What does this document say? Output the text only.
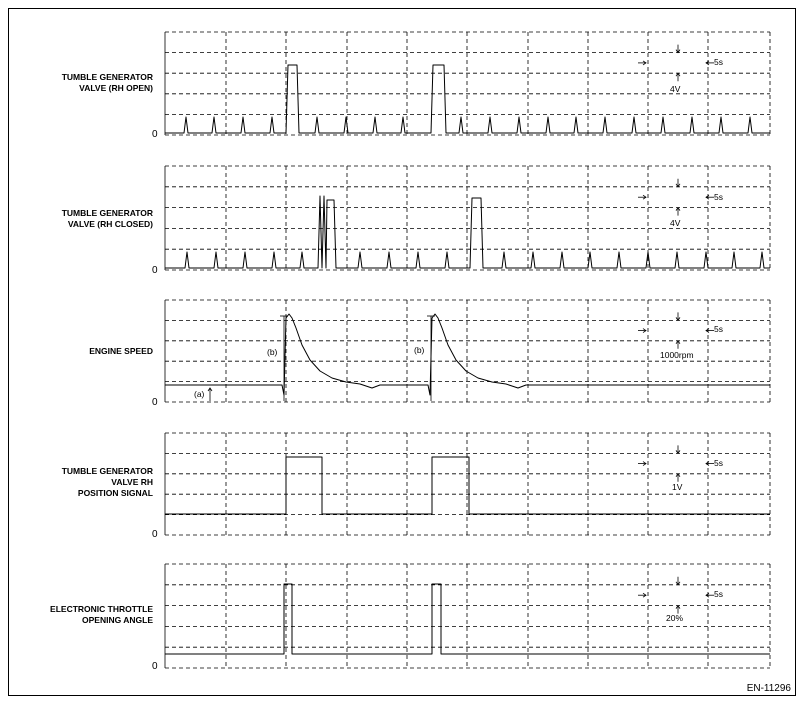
TUMBLE GENERATOR
VALVE (RH OPEN)
0
5s
4V
TUMBLE GENERATOR
VALVE (RH CLOSED)
0
5s
4V
ENGINE SPEED
0
5s
1000rpm
(a)
(b)	(b)
TUMBLE GENERATOR
VALVE RH
POSITION SIGNAL
0
5s
1V
ELECTRONIC THROTTLE
OPENING ANGLE
0
5s
20%
EN-11296
